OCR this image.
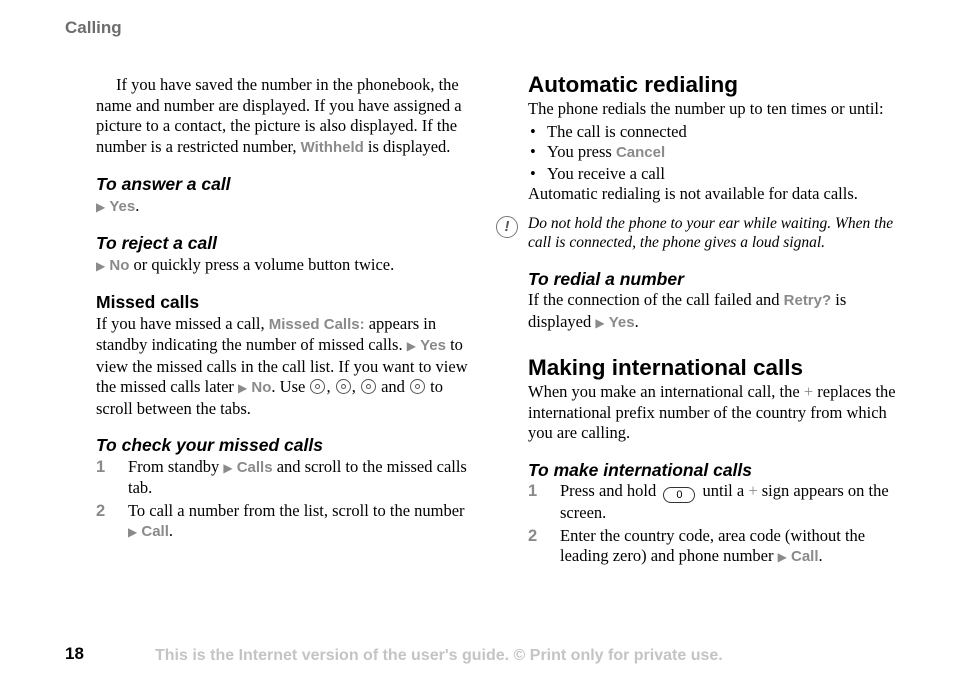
Calling

If you have saved the number in the phonebook, the name and number are displayed. If you have assigned a picture to a contact, the picture is also displayed. If the number is a restricted number, Withheld is displayed.

To answer a call

▶ Yes.

To reject a call

▶ No or quickly press a volume button twice.

Missed calls

If you have missed a call, Missed Calls: appears in standby indicating the number of missed calls. ▶ Yes to view the missed calls in the call list. If you want to view the missed calls later ▶ No. Use , ,  and  to scroll between the tabs.

To check your missed calls
1 From standby ▶ Calls and scroll to the missed calls tab.
2 To call a number from the list, scroll to the number ▶ Call.
Automatic redialing

The phone redials the number up to ten times or until:

• The call is connected
• You press Cancel
• You receive a call

Automatic redialing is not available for data calls.

!	Do not hold the phone to your ear while waiting. When the call is connected, the phone gives a loud signal.
To redial a number

If the connection of the call failed and Retry? is displayed ▶ Yes.

Making international calls

When you make an international call, the + replaces the international prefix number of the country from which you are calling.

To make international calls
1 Press and hold 0 until a + sign appears on the screen.
2 Enter the country code, area code (without the leading zero) and phone number ▶ Call.
18	This is the Internet version of the user's guide. © Print only for private use.
